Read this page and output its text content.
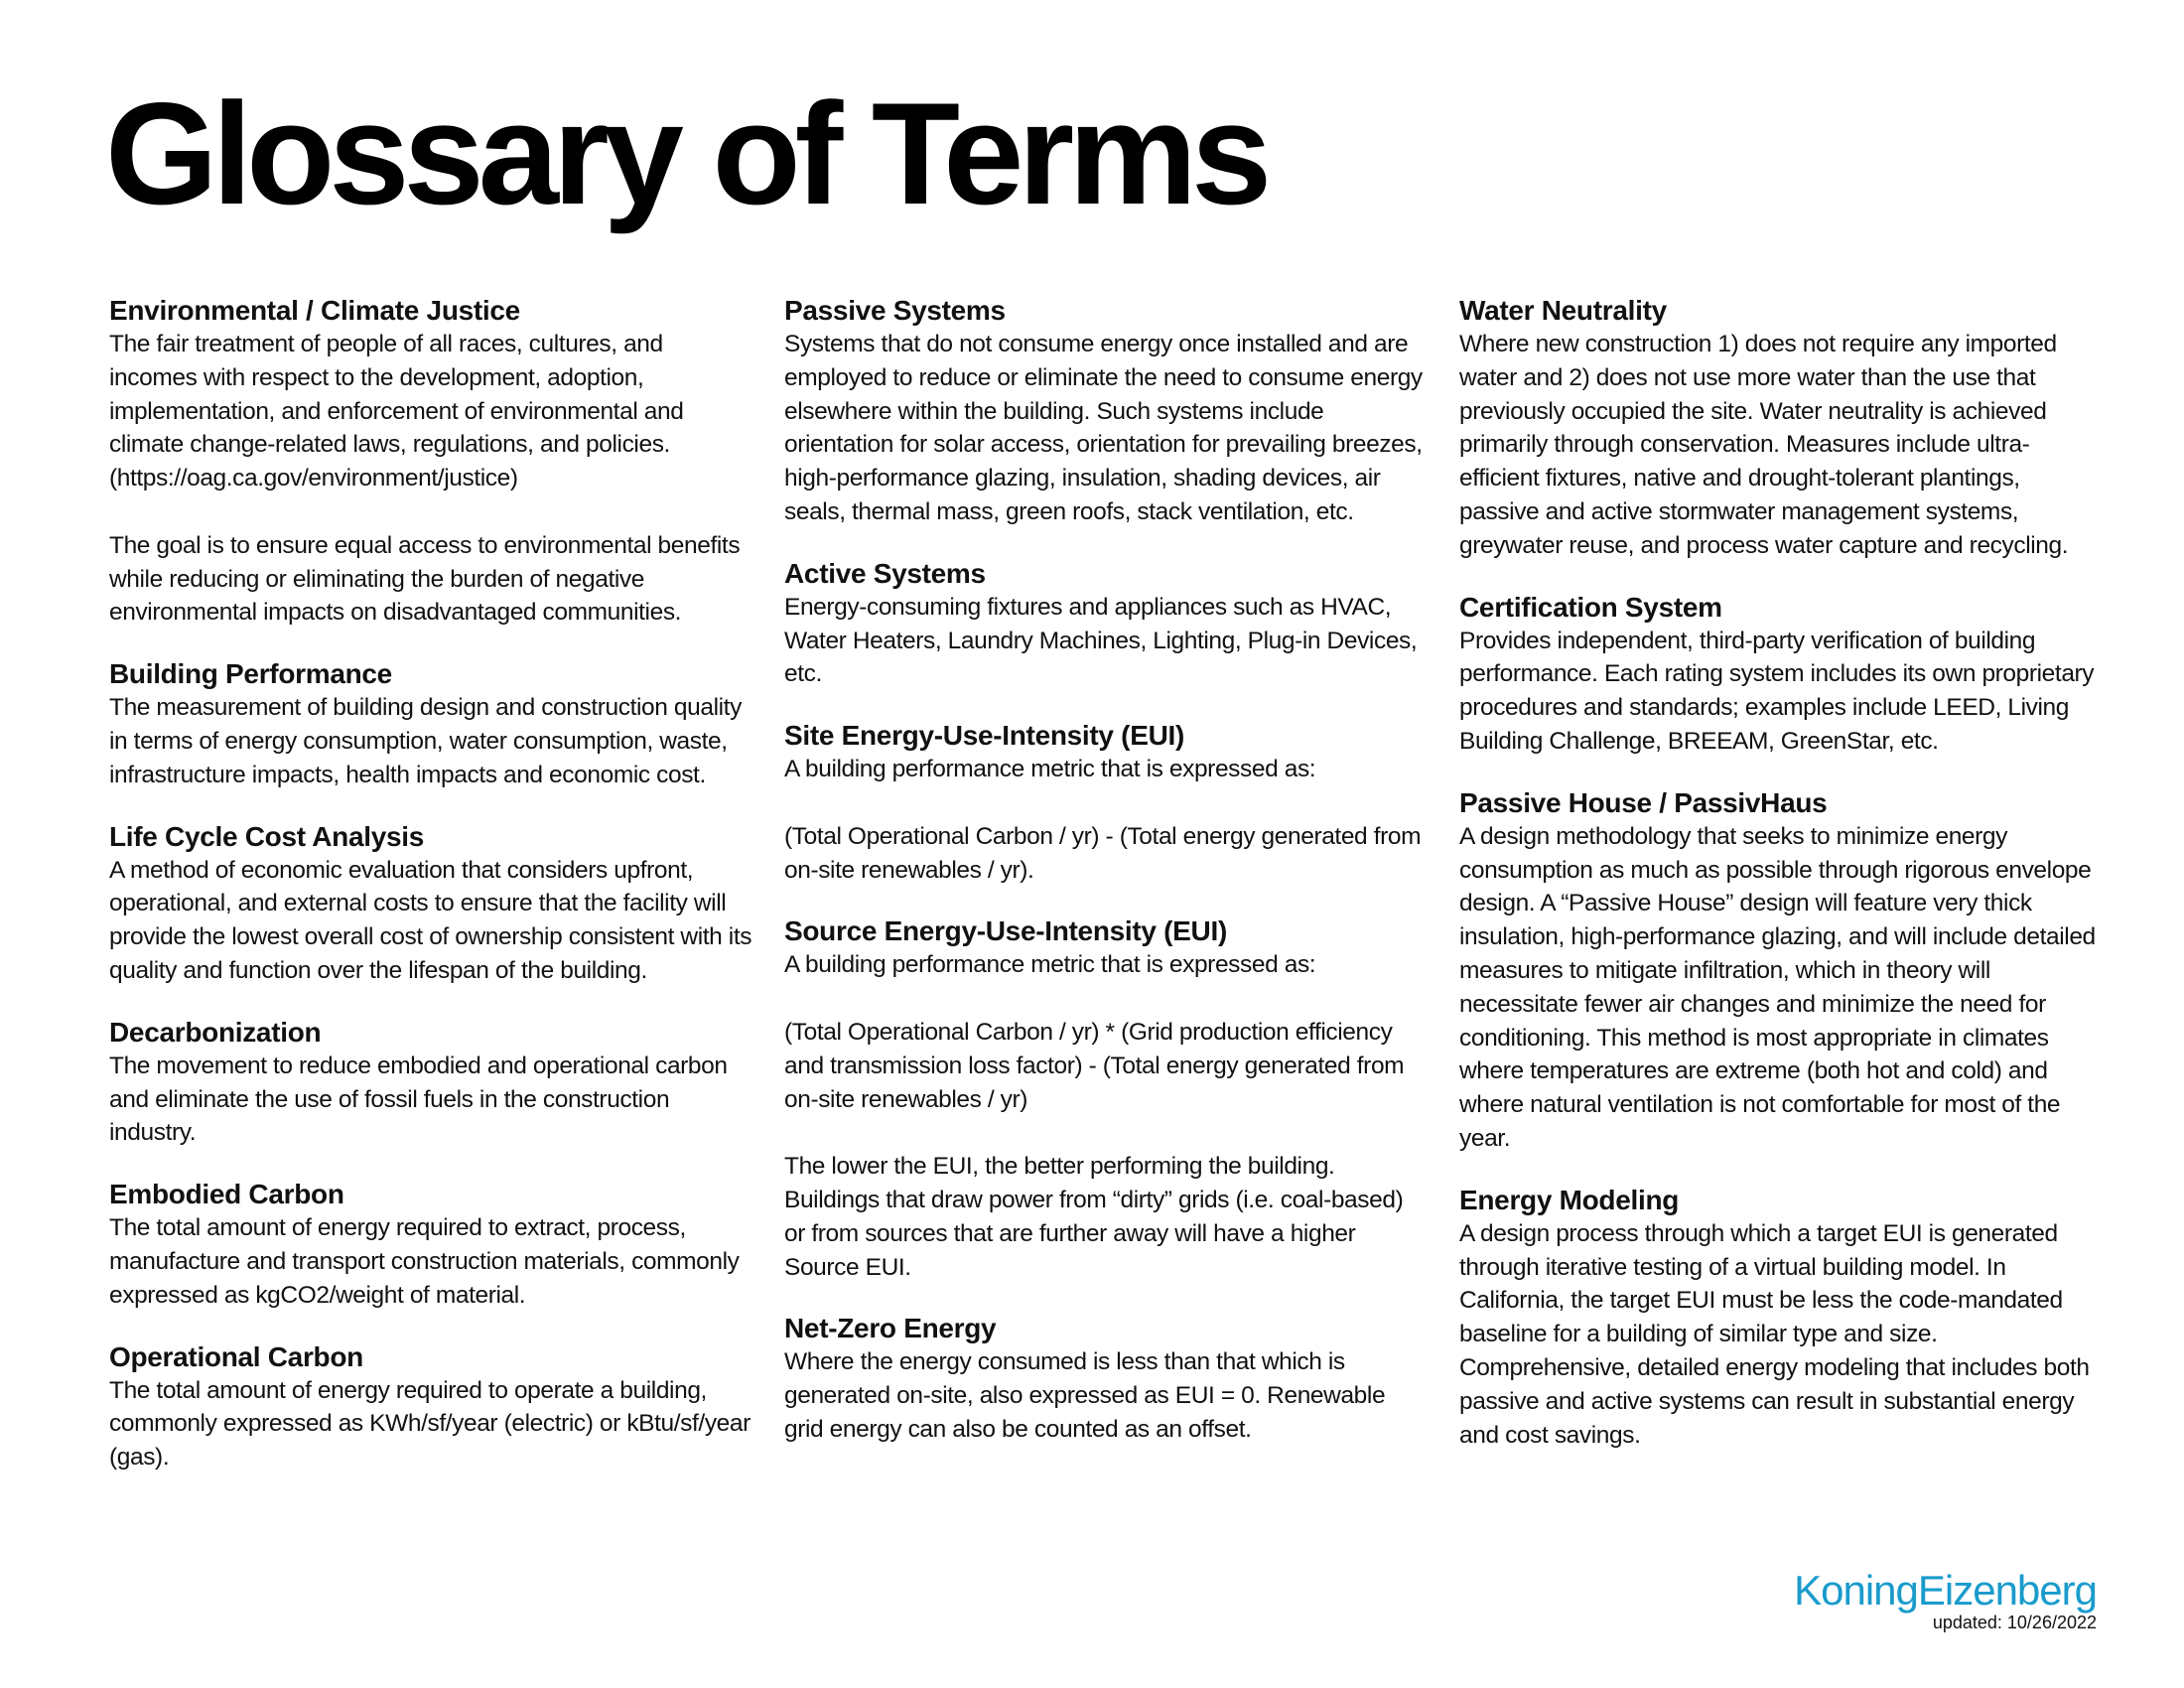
Glossary of Terms

Environmental / Climate Justice

The fair treatment of people of all races, cultures, and incomes with respect to the development, adoption, implementation, and enforcement of environmental and climate change-related laws, regulations, and policies. (https://oag.ca.gov/environment/justice)

The goal is to ensure equal access to environmental benefits while reducing or eliminating the burden of negative environmental impacts on disadvantaged communities.

Building Performance

The measurement of building design and construction quality in terms of energy consumption, water consumption, waste, infrastructure impacts, health impacts and economic cost.

Life Cycle Cost Analysis

A method of economic evaluation that considers upfront, operational, and external costs to ensure that the facility will provide the lowest overall cost of ownership consistent with its quality and function over the lifespan of the building.

Decarbonization

The movement to reduce embodied and operational carbon and eliminate the use of fossil fuels in the construction industry.

Embodied Carbon

The total amount of energy required to extract, process, manufacture and transport construction materials, commonly expressed as kgCO2/weight of material.

Operational Carbon

The total amount of energy required to operate a building, commonly expressed as KWh/sf/year (electric) or kBtu/sf/year (gas).

Passive Systems

Systems that do not consume energy once installed and are employed to reduce or eliminate the need to consume energy elsewhere within the building. Such systems include orientation for solar access, orientation for prevailing breezes, high-performance glazing, insulation, shading devices, air seals, thermal mass, green roofs, stack ventilation, etc.

Active Systems

Energy-consuming fixtures and appliances such as HVAC, Water Heaters, Laundry Machines, Lighting, Plug-in Devices, etc.

Site Energy-Use-Intensity (EUI)

A building performance metric that is expressed as:

(Total Operational Carbon / yr) - (Total energy generated from on-site renewables / yr).

Source Energy-Use-Intensity (EUI)

A building performance metric that is expressed as:

(Total Operational Carbon / yr) * (Grid production efficiency and transmission loss factor) - (Total energy generated from on-site renewables / yr)

The lower the EUI, the better performing the building. Buildings that draw power from “dirty” grids (i.e. coal-based) or from sources that are further away will have a higher Source EUI.

Net-Zero Energy

Where the energy consumed is less than that which is generated on-site, also expressed as EUI = 0. Renewable grid energy can also be counted as an offset.

Water Neutrality

Where new construction 1) does not require any imported water and 2) does not use more water than the use that previously occupied the site. Water neutrality is achieved primarily through conservation. Measures include ultra-efficient fixtures, native and drought-tolerant plantings, passive and active stormwater management systems, greywater reuse, and process water capture and recycling.

Certification System

Provides independent, third-party verification of building performance. Each rating system includes its own proprietary procedures and standards; examples include LEED, Living Building Challenge, BREEAM, GreenStar, etc.

Passive House / PassivHaus

A design methodology that seeks to minimize energy consumption as much as possible through rigorous envelope design. A “Passive House” design will feature very thick insulation, high-performance glazing, and will include detailed measures to mitigate infiltration, which in theory will necessitate fewer air changes and minimize the need for conditioning. This method is most appropriate in climates where temperatures are extreme (both hot and cold) and where natural ventilation is not comfortable for most of the year.

Energy Modeling

A design process through which a target EUI is generated through iterative testing of a virtual building model. In California, the target EUI must be less the code-mandated baseline for a building of similar type and size. Comprehensive, detailed energy modeling that includes both passive and active systems can result in substantial energy and cost savings.

KoningEizenberg
updated: 10/26/2022
